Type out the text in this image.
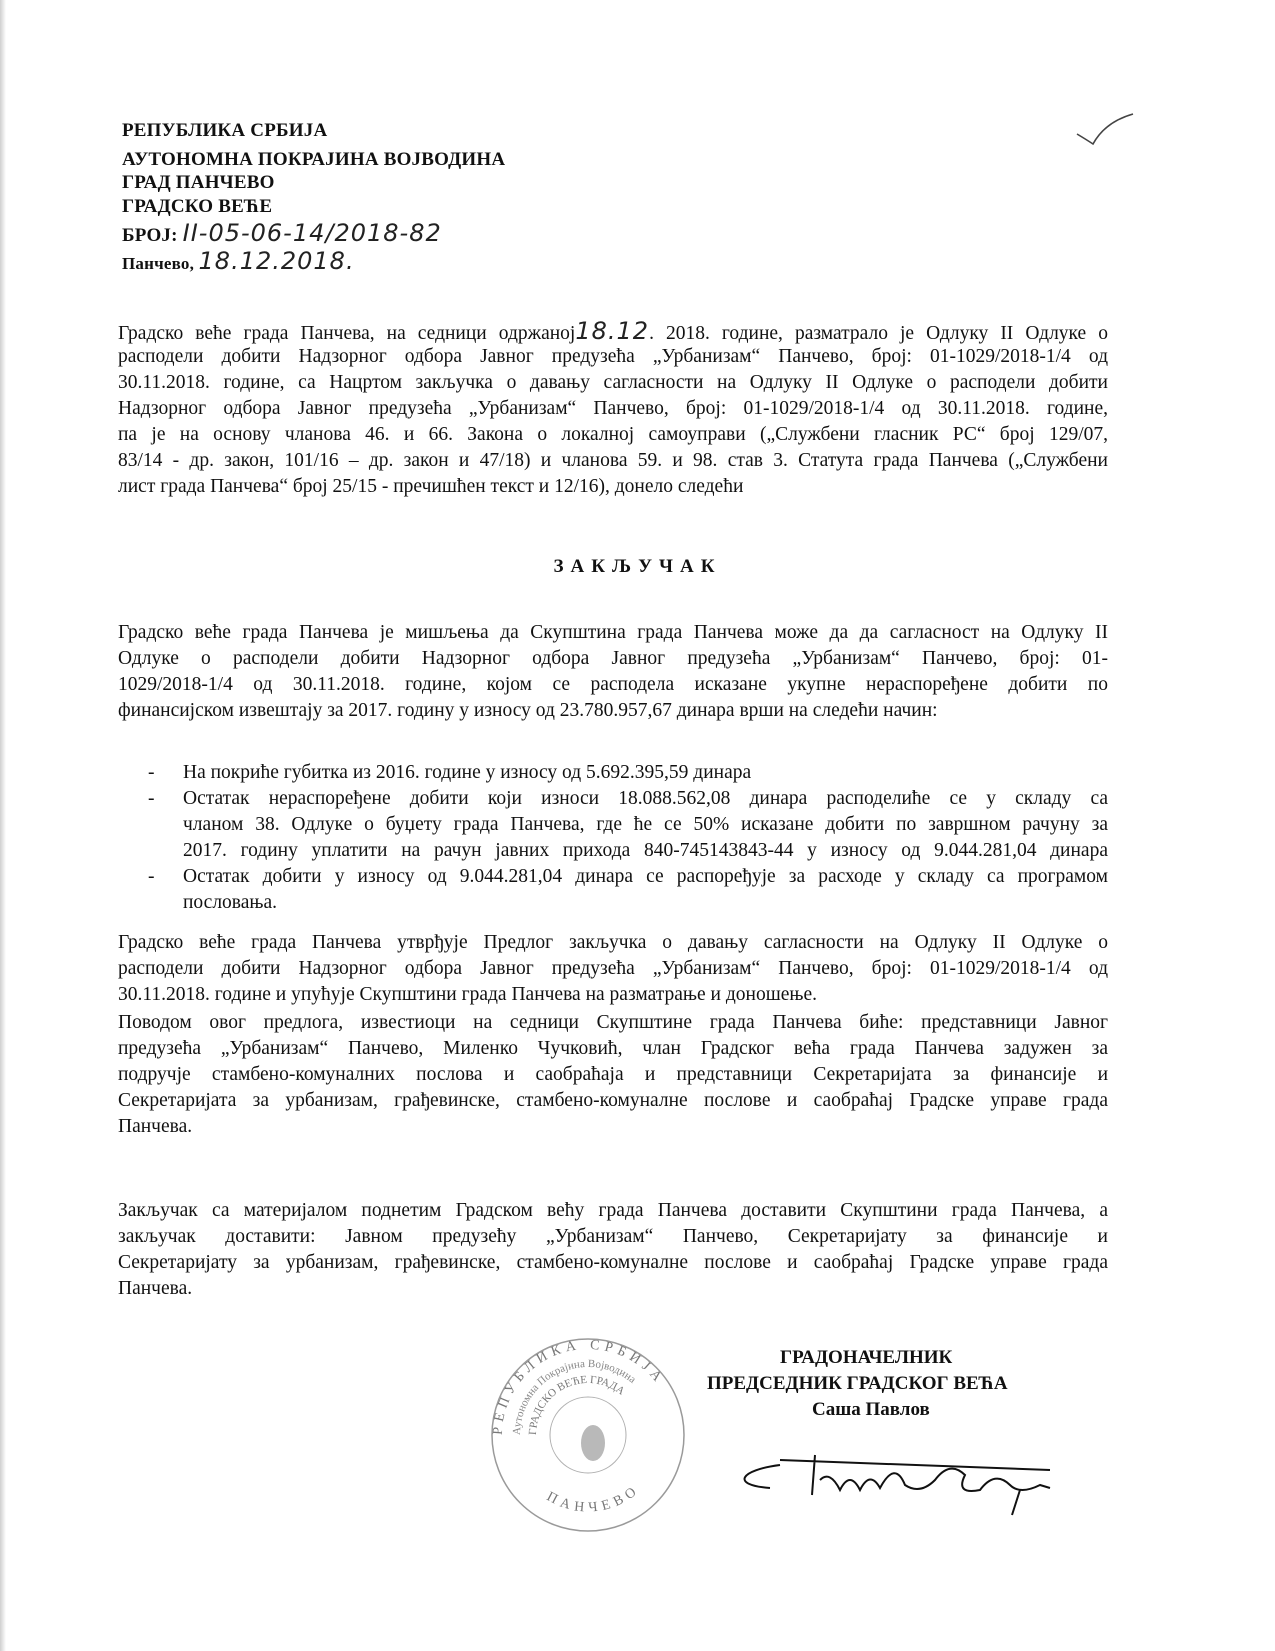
РЕПУБЛИКА СРБИЈА
АУТОНОМНА ПОКРАЈИНА ВОЈВОДИНА
ГРАД ПАНЧЕВО
ГРАДСКО ВЕЋЕ
БРОЈ: II-05-06-14/2018-82
Панчево, 18.12.2018.
Градско веће града Панчева, на седници одржаној18.12. 2018. године, разматрало је Одлуку II Одлуке о
расподели добити Надзорног одбора Јавног предузећа „Урбанизам“ Панчево, број: 01-1029/2018-1/4 од
30.11.2018. године, са Нацртом закључка о давању сагласности на Одлуку II Одлуке о расподели добити
Надзорног одбора Јавног предузећа „Урбанизам“ Панчево, број: 01-1029/2018-1/4 од 30.11.2018. године,
па је на основу чланова 46. и 66. Закона о локалној самоуправи („Службени гласник РС“ број 129/07,
83/14 - др. закон, 101/16 – др. закон и 47/18) и чланова 59. и 98. став 3. Статута града Панчева („Службени
лист града Панчева“ број 25/15 - пречишћен текст и 12/16), донело следећи
ЗАКЉУЧАК
Градско веће града Панчева је мишљења да Скупштина града Панчева може да да сагласност на Одлуку II
Одлуке о расподели добити Надзорног одбора Јавног предузећа „Урбанизам“ Панчево, број: 01-
1029/2018-1/4 од 30.11.2018. године, којом се расподела исказане укупне нераспоређене добити по
финансијском извештају за 2017. годину у износу од 23.780.957,67 динара врши на следећи начин:
- На покриће губитка из 2016. године у износу од 5.692.395,59 динара
- Остатак нераспоређене добити који износи 18.088.562,08 динара расподелиће се у складу са
чланом 38. Одлуке о буџету града Панчева, где ће се 50% исказане добити по завршном рачуну за
2017. годину уплатити на рачун јавних прихода 840-745143843-44 у износу од 9.044.281,04 динара
- Остатак добити у износу од 9.044.281,04 динара се распоређује за расходе у складу са програмом
пословања.
Градско веће града Панчева утврђује Предлог закључка о давању сагласности на Одлуку II Одлуке о
расподели добити Надзорног одбора Јавног предузећа „Урбанизам“ Панчево, број: 01-1029/2018-1/4 од
30.11.2018. године и упућује Скупштини града Панчева на разматрање и доношење.
Поводом овог предлога, известиоци на седници Скупштине града Панчева биће: представници Јавног
предузећа „Урбанизам“ Панчево, Миленко Чучковић, члан Градског већа града Панчева задужен за
подручје стамбено-комуналних послова и саобраћаја и представници Секретаријата за финансије и
Секретаријата за урбанизам, грађевинске, стамбено-комуналне послове и саобраћај Градске управе града
Панчева.
Закључак са материјалом поднетим Градском већу града Панчева доставити Скупштини града Панчева, а
закључак доставити: Јавном предузећу „Урбанизам“ Панчево, Секретаријату за финансије и
Секретаријату за урбанизам, грађевинске, стамбено-комуналне послове и саобраћај Градске управе града
Панчева.
РЕПУБЛИКА СРБИЈА
Аутономна Покрајина Војводина
ГРАДСКО ВЕЋЕ ГРАДА
ПАНЧЕВО
ГРАДОНАЧЕЛНИК
ПРЕДСЕДНИК ГРАДСКОГ ВЕЋА
Саша Павлов
